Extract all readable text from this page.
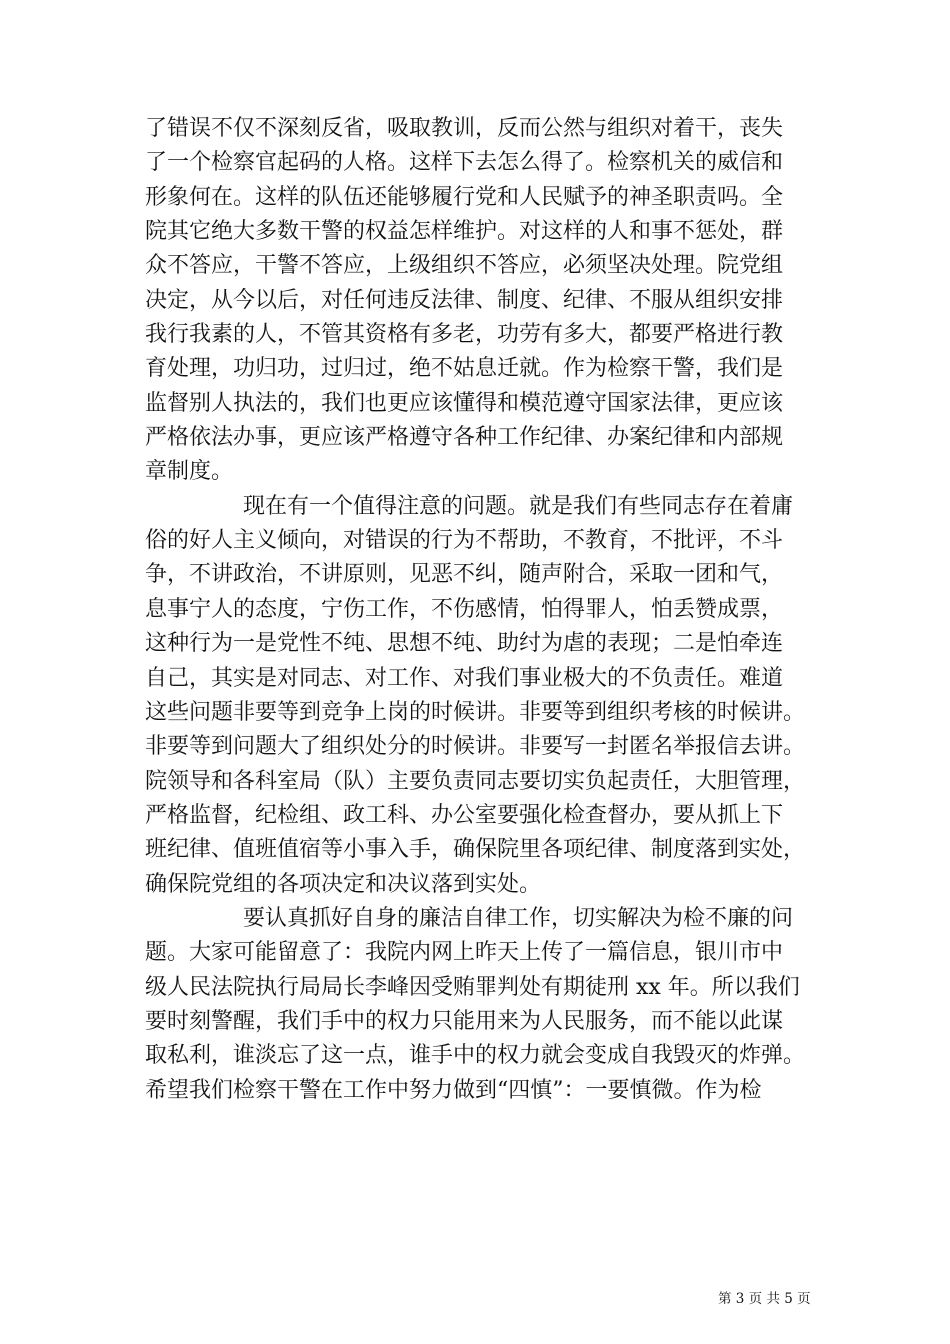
了错误不仅不深刻反省，吸取教训，反而公然与组织对着干，丧失
了一个检察官起码的人格。这样下去怎么得了。检察机关的威信和
形象何在。这样的队伍还能够履行党和人民赋予的神圣职责吗。全
院其它绝大多数干警的权益怎样维护。对这样的人和事不惩处，群
众不答应，干警不答应，上级组织不答应，必须坚决处理。院党组
决定，从今以后，对任何违反法律、制度、纪律、不服从组织安排
我行我素的人，不管其资格有多老，功劳有多大，都要严格进行教
育处理，功归功，过归过，绝不姑息迁就。作为检察干警，我们是
监督别人执法的，我们也更应该懂得和模范遵守国家法律，更应该
严格依法办事，更应该严格遵守各种工作纪律、办案纪律和内部规
章制度。
现在有一个值得注意的问题。就是我们有些同志存在着庸
俗的好人主义倾向，对错误的行为不帮助，不教育，不批评，不斗
争，不讲政治，不讲原则，见恶不纠，随声附合，采取一团和气，
息事宁人的态度，宁伤工作，不伤感情，怕得罪人，怕丢赞成票，
这种行为一是党性不纯、思想不纯、助纣为虐的表现；二是怕牵连
自己，其实是对同志、对工作、对我们事业极大的不负责任。难道
这些问题非要等到竞争上岗的时候讲。非要等到组织考核的时候讲。
非要等到问题大了组织处分的时候讲。非要写一封匿名举报信去讲。
院领导和各科室局（队）主要负责同志要切实负起责任，大胆管理，
严格监督，纪检组、政工科、办公室要强化检查督办，要从抓上下
班纪律、值班值宿等小事入手，确保院里各项纪律、制度落到实处，
确保院党组的各项决定和决议落到实处。
要认真抓好自身的廉洁自律工作，切实解决为检不廉的问
题。大家可能留意了：我院内网上昨天上传了一篇信息，银川市中
级人民法院执行局局长李峰因受贿罪判处有期徒刑 xx 年。所以我们
要时刻警醒，我们手中的权力只能用来为人民服务，而不能以此谋
取私利，谁淡忘了这一点，谁手中的权力就会变成自我毁灭的炸弹。
希望我们检察干警在工作中努力做到“四慎”：一要慎微。作为检
第 3 页 共 5 页
